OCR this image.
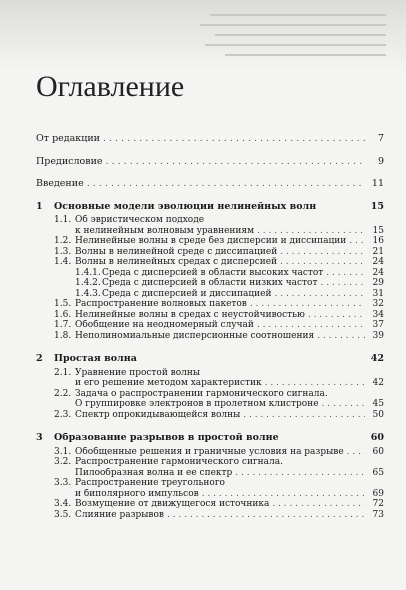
Оглавление
От редакции . . .	7
Предисловие . . .	9
Введение . . .	11
1	Основные модели эволюции нелинейных волн	15
1.1. Об эвристическом подходе
к нелинейным волновым уравнениям . . .	15
1.2. Нелинейные волны в среде без дисперсии и диссипации . . .	16
1.3. Волны в нелинейной среде с диссипацией . . .	21
1.4. Волны в нелинейных средах с дисперсией . . .	24
1.4.1. Среда с дисперсией в области высоких частот . . .	24
1.4.2. Среда с дисперсией в области низких частот . . .	29
1.4.3. Среда с дисперсией и диссипацией . . .	31
1.5. Распространение волновых пакетов . . .	32
1.6. Нелинейные волны в средах с неустойчивостью . . .	34
1.7. Обобщение на неодномерный случай . . .	37
1.8. Неполиномиальные дисперсионные соотношения . . .	39
2	Простая волна	42
2.1. Уравнение простой волны
и его решение методом характеристик . . .	42
2.2. Задача о распространении гармонического сигнала.
О группировке электронов в пролетном клистроне . . .	45
2.3. Спектр опрокидывающейся волны . . .	50
3	Образование разрывов в простой волне	60
3.1. Обобщенные решения и граничные условия на разрыве . . .	60
3.2. Распространение гармонического сигнала.
Пилообразная волна и ее спектр . . .	65
3.3. Распространение треугольного
и биполярного импульсов . . .	69
3.4. Возмущение от движущегося источника . . .	72
3.5. Слияние разрывов . . .	73
